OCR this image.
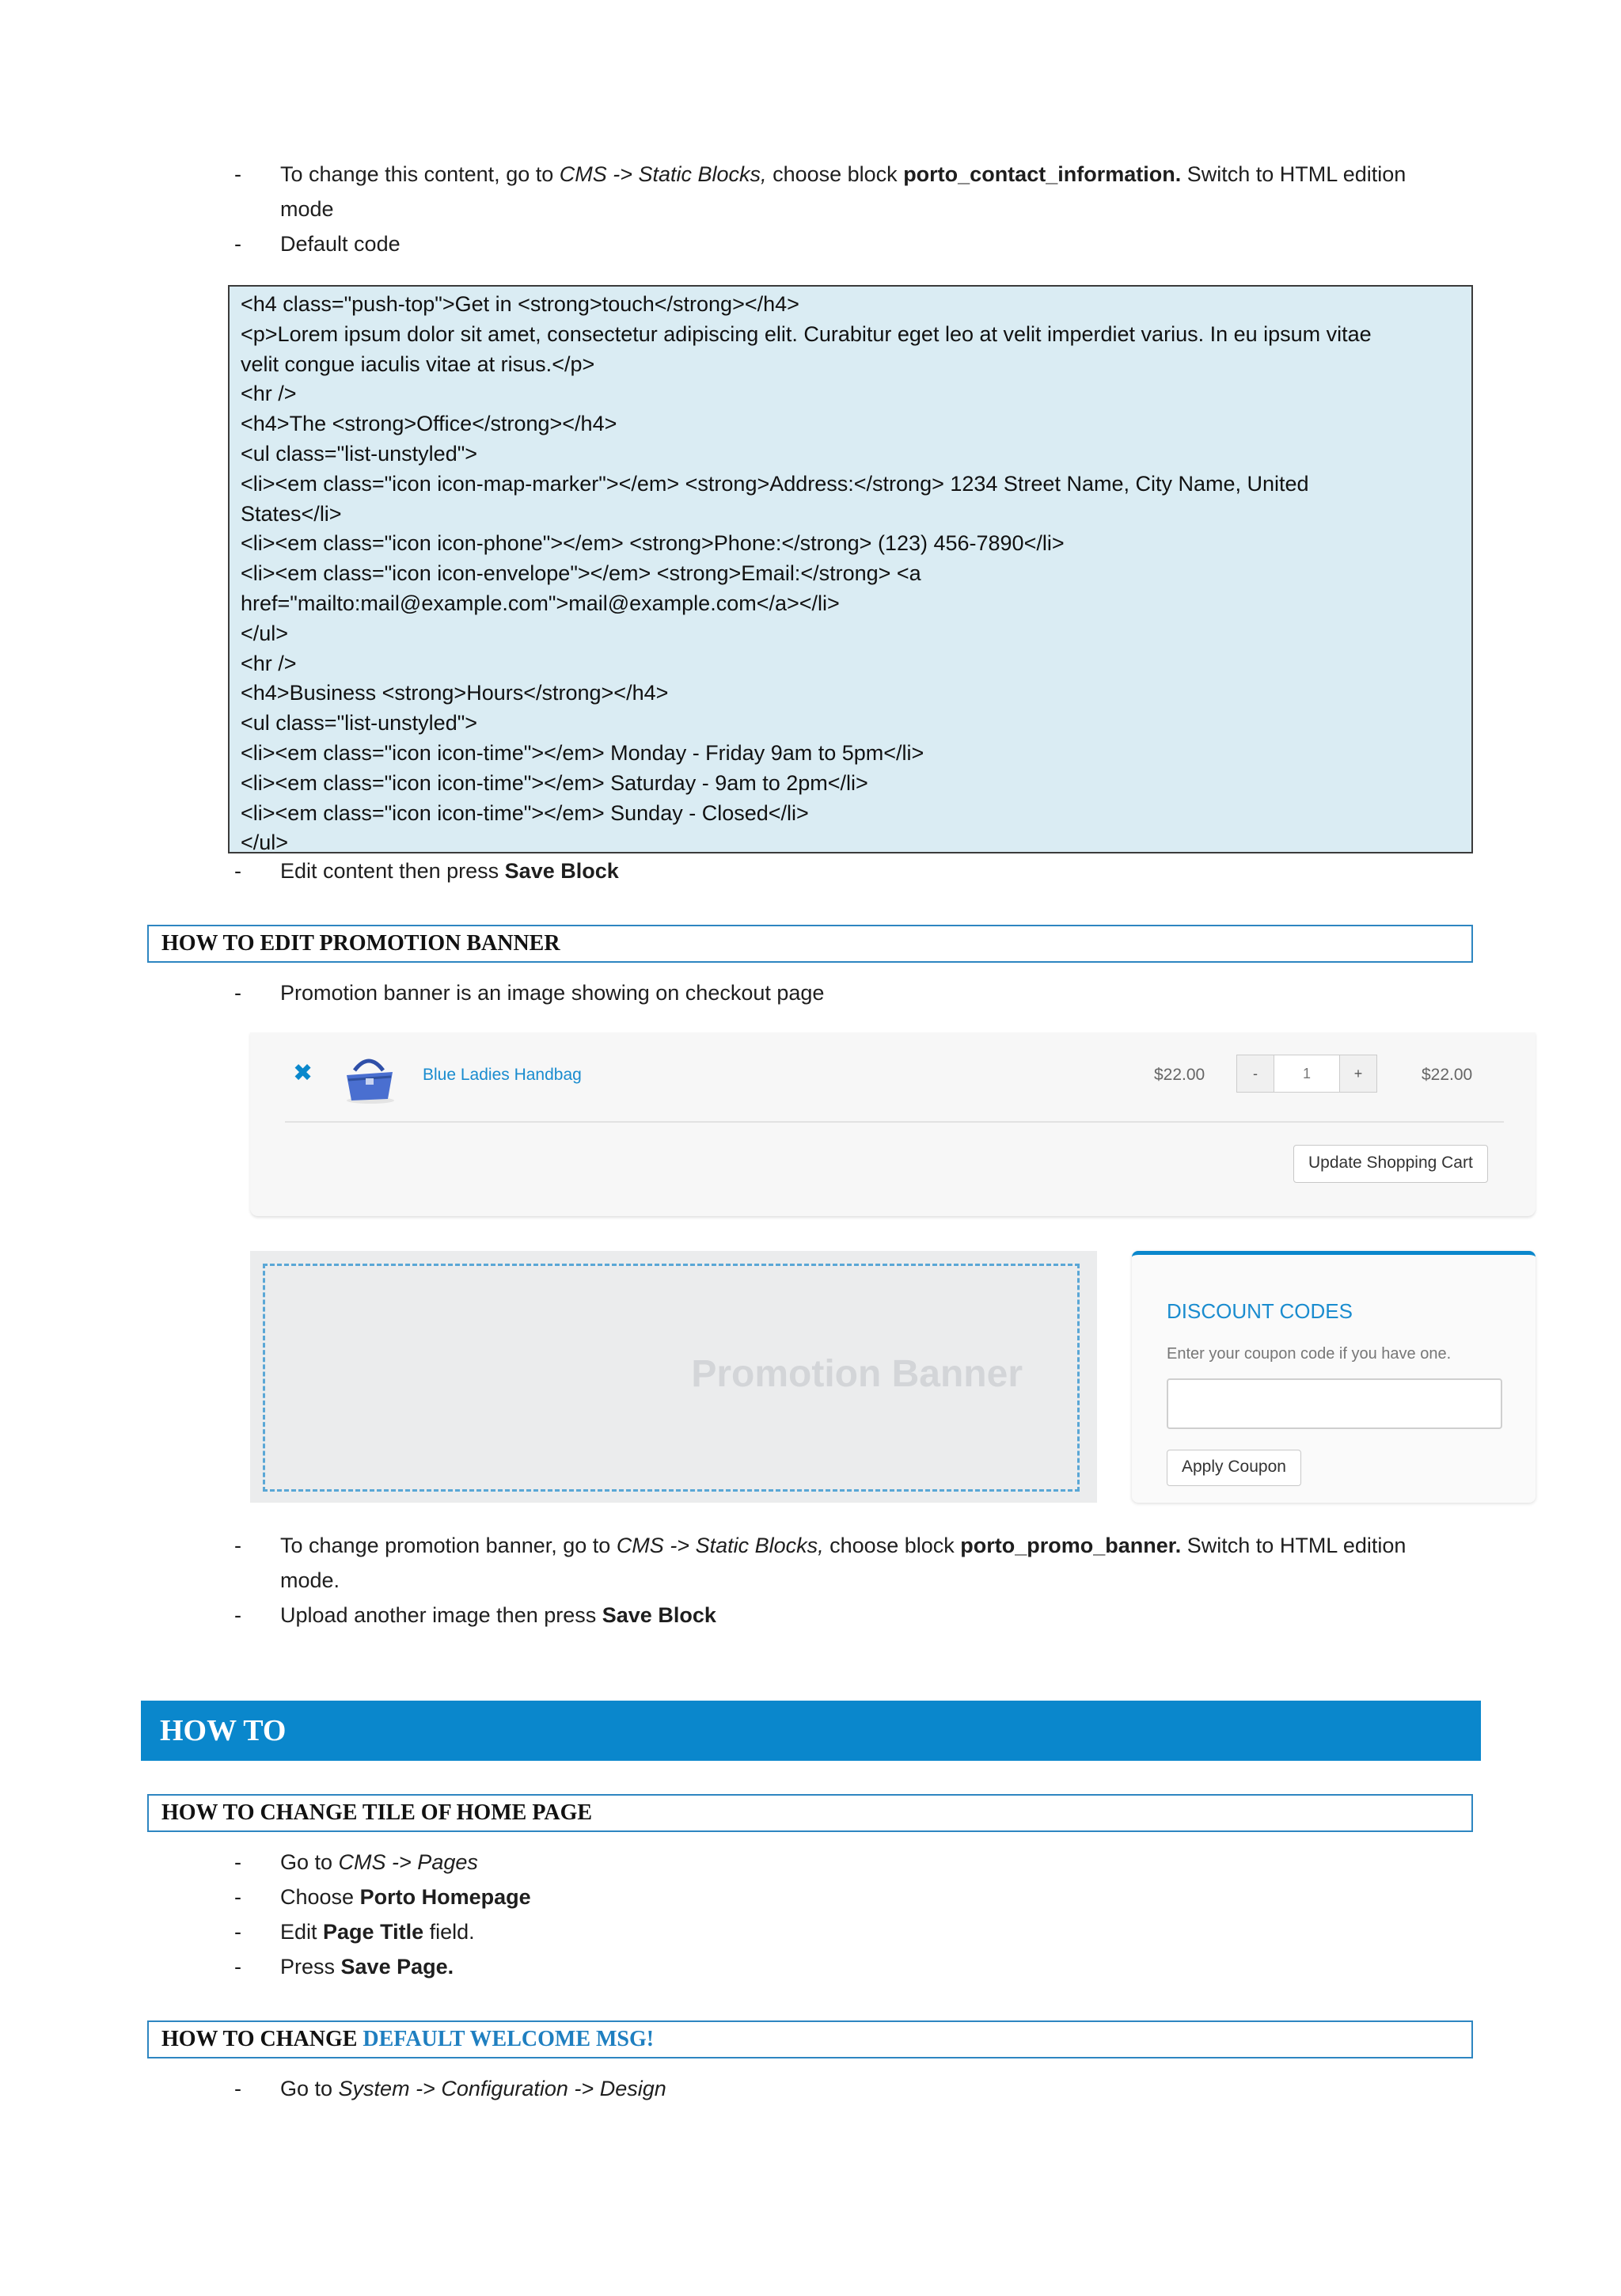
- To change this content, go to CMS -> Static Blocks, choose block porto_contact_information. Switch to HTML edition
mode
- Default code
<h4 class="push-top">Get in <strong>touch</strong></h4>
<p>Lorem ipsum dolor sit amet, consectetur adipiscing elit. Curabitur eget leo at velit imperdiet varius. In eu ipsum vitae
velit congue iaculis vitae at risus.</p>
<hr />
<h4>The <strong>Office</strong></h4>
<ul class="list-unstyled">
<li><em class="icon icon-map-marker"></em> <strong>Address:</strong> 1234 Street Name, City Name, United
States</li>
<li><em class="icon icon-phone"></em> <strong>Phone:</strong> (123) 456-7890</li>
<li><em class="icon icon-envelope"></em> <strong>Email:</strong> <a
href="mailto:mail@example.com">mail@example.com</a></li>
</ul>
<hr />
<h4>Business <strong>Hours</strong></h4>
<ul class="list-unstyled">
<li><em class="icon icon-time"></em> Monday - Friday 9am to 5pm</li>
<li><em class="icon icon-time"></em> Saturday - 9am to 2pm</li>
<li><em class="icon icon-time"></em> Sunday - Closed</li>
</ul>
- Edit content then press Save Block
HOW TO EDIT PROMOTION BANNER
- Promotion banner is an image showing on checkout page
✖	Blue Ladies Handbag	$22.00	-	1	+	$22.00
Update Shopping Cart
Promotion Banner
DISCOUNT CODES
Enter your coupon code if you have one.
Apply Coupon
- To change promotion banner, go to CMS -> Static Blocks, choose block porto_promo_banner. Switch to HTML edition
mode.
- Upload another image then press Save Block
HOW TO
HOW TO CHANGE TILE OF HOME PAGE
- Go to CMS -> Pages
- Choose Porto Homepage
- Edit Page Title field.
- Press Save Page.
HOW TO CHANGE DEFAULT WELCOME MSG!
- Go to System -> Configuration -> Design
